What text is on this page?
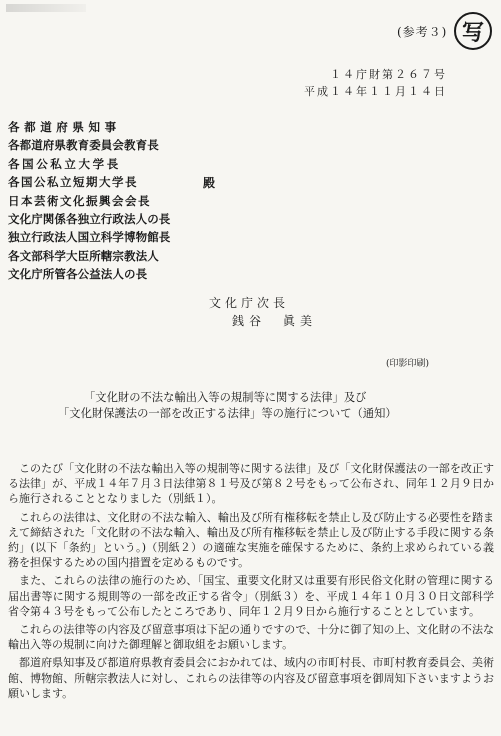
(参考３) 写
１４庁財第２６７号
平成１４年１１月１４日
各都道府県知事
各都道府県教育委員会教育長
各国公私立大学長
各国公私立短期大学長
日本芸術文化振興会会長
文化庁関係各独立行政法人の長
独立行政法人国立科学博物館長
各文部科学大臣所轄宗教法人
文化庁所管各公益法人の長
殿
文化庁次長
銭谷　眞美
(印影印刷)
「文化財の不法な輸出入等の規制等に関する法律」及び
「文化財保護法の一部を改正する法律」等の施行について（通知）

このたび「文化財の不法な輸出入等の規制等に関する法律」及び「文化財保護法の一部を改正する法律」が、平成１４年７月３日法律第８１号及び第８２号をもって公布され、同年１２月９日から施行されることとなりました（別紙１）。

これらの法律は、文化財の不法な輸入、輸出及び所有権移転を禁止し及び防止する必要性を踏まえて締結された「文化財の不法な輸入、輸出及び所有権移転を禁止し及び防止する手段に関する条約」(以下「条約」という。)（別紙２）の適確な実施を確保するために、条約上求められている義務を担保するための国内措置を定めるものです。

また、これらの法律の施行のため、「国宝、重要文化財又は重要有形民俗文化財の管理に関する届出書等に関する規則等の一部を改正する省令」（別紙３）を、平成１４年１０月３０日文部科学省令第４３号をもって公布したところであり、同年１２月９日から施行することとしています。

これらの法律等の内容及び留意事項は下記の通りですので、十分に御了知の上、文化財の不法な輸出入等の規制に向けた御理解と御取組をお願いします。

都道府県知事及び都道府県教育委員会におかれては、域内の市町村長、市町村教育委員会、美術館、博物館、所轄宗教法人に対し、これらの法律等の内容及び留意事項を御周知下さいますようお願いします。
